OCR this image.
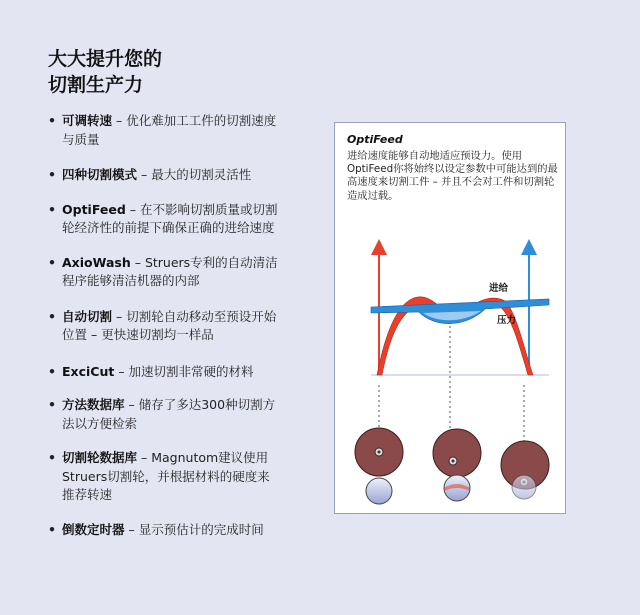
大大提升您的
切割生产力
• 可调转速 – 优化难加工工件的切割速度与质量
• 四种切割模式 – 最大的切割灵活性
• OptiFeed – 在不影响切割质量或切割轮经济性的前提下确保正确的进给速度
• AxioWash – Struers专利的自动清洁程序能够清洁机器的内部
• 自动切割 – 切割轮自动移动至预设开始位置 – 更快速切割均一样品
• ExciCut – 加速切割非常硬的材料
• 方法数据库 – 储存了多达300种切割方法以方便检索
• 切割轮数据库 – Magnutom建议使用Struers切割轮，并根据材料的硬度来推荐转速
• 倒数定时器 – 显示预估计的完成时间
OptiFeed
进给速度能够自动地适应预设力。使用OptiFeed你将始终以设定参数中可能达到的最高速度来切割工件 – 并且不会对工件和切割轮造成过载。
进给
压力
